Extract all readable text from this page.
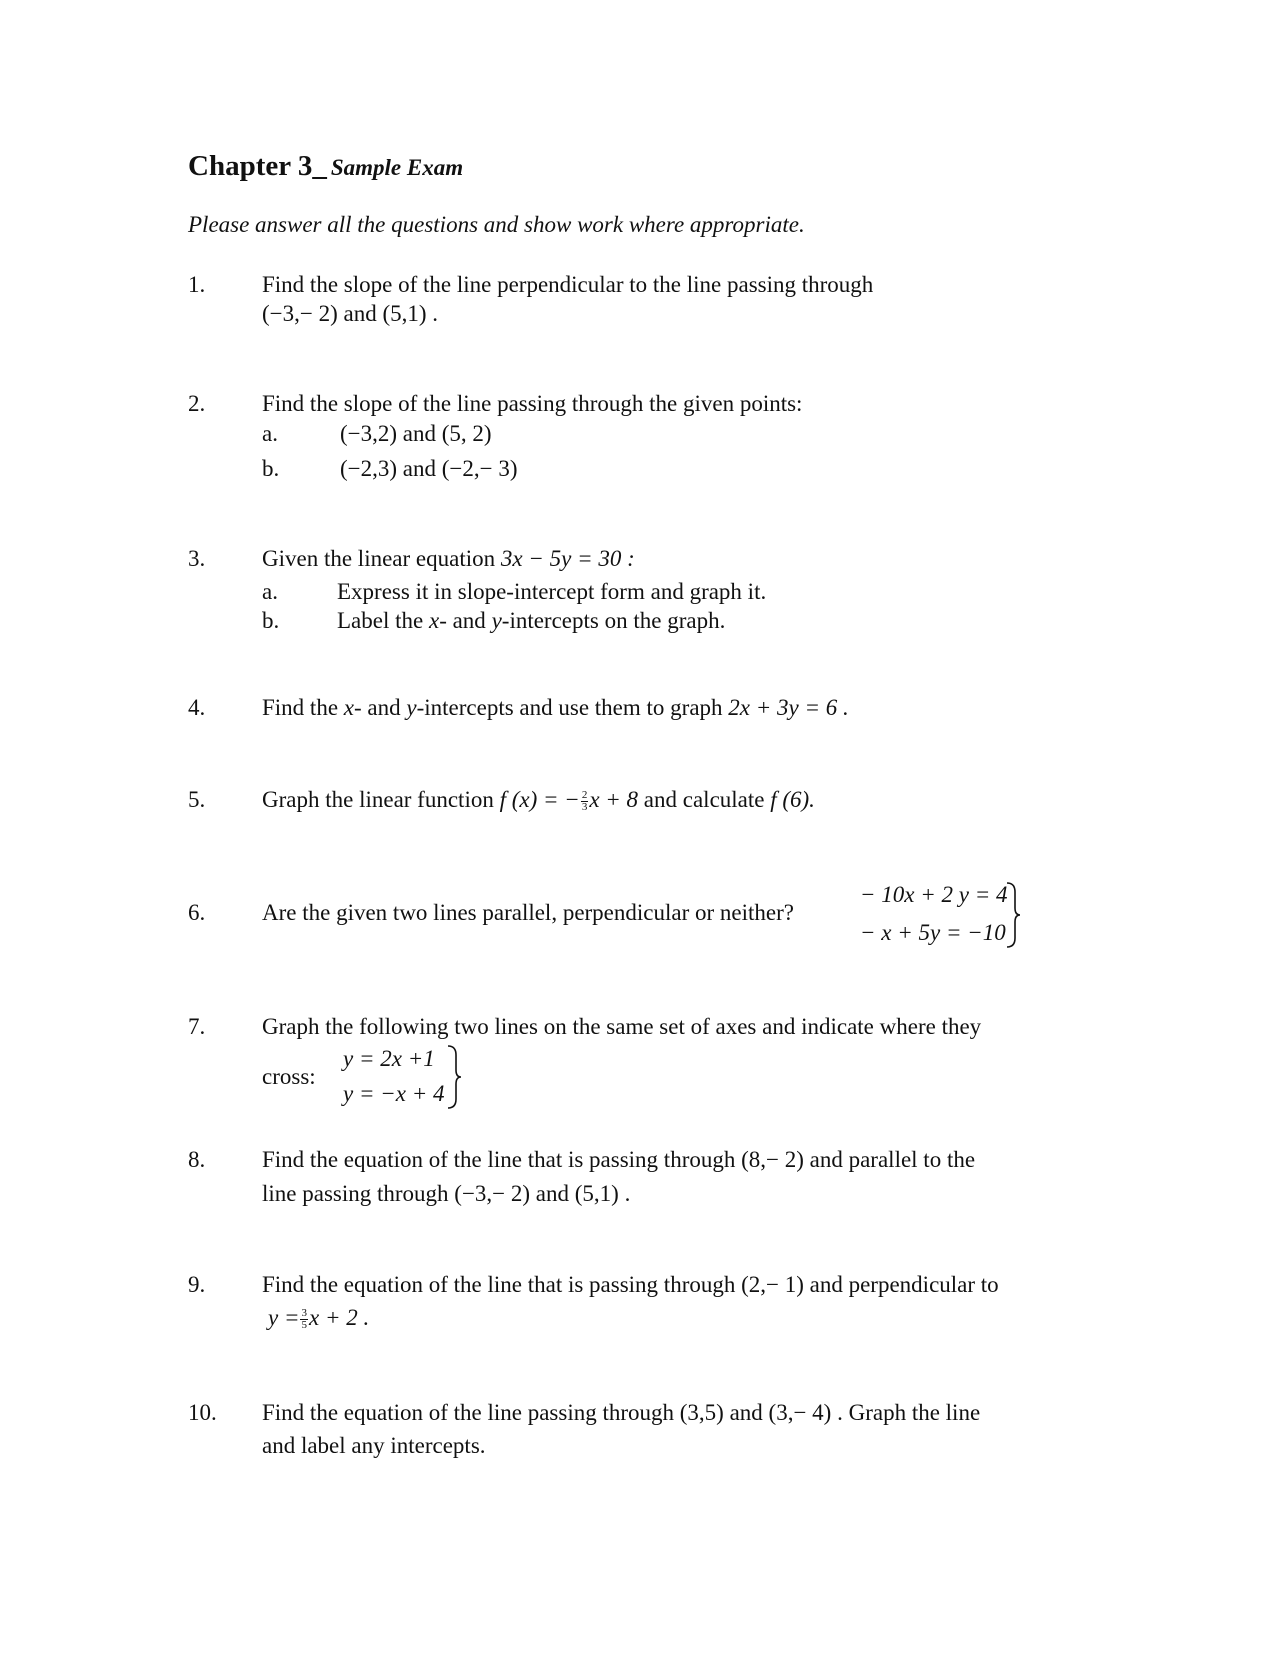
Chapter 3_ Sample Exam
Please answer all the questions and show work where appropriate.
1. Find the slope of the line perpendicular to the line passing through
(−3,− 2) and (5,1) .
2. Find the slope of the line passing through the given points:
a.	(−3,2) and (5, 2)
b.	(−2,3) and (−2,− 3)
3. Given the linear equation 3x − 5y = 30 :
a.	Express it in slope-intercept form and graph it.
b.	Label the x- and y-intercepts on the graph.
4. Find the x- and y-intercepts and use them to graph 2x + 3y = 6 .
5. Graph the linear function f (x) = − $\frac{2}{3}$ x + 8 and calculate f (6).
6. Are the given two lines parallel, perpendicular or neither?
− 10x + 2 y = 4
− x + 5y = −10
7. Graph the following two lines on the same set of axes and indicate where they
cross:
y = 2x +1
y = −x + 4
8. Find the equation of the line that is passing through (8,− 2) and parallel to the
line passing through (−3,− 2) and (5,1) .
9. Find the equation of the line that is passing through (2,− 1) and perpendicular to
$y = \frac{3}{5}$ x + 2 .
10. Find the equation of the line passing through (3,5) and (3,− 4) . Graph the line
and label any intercepts.
